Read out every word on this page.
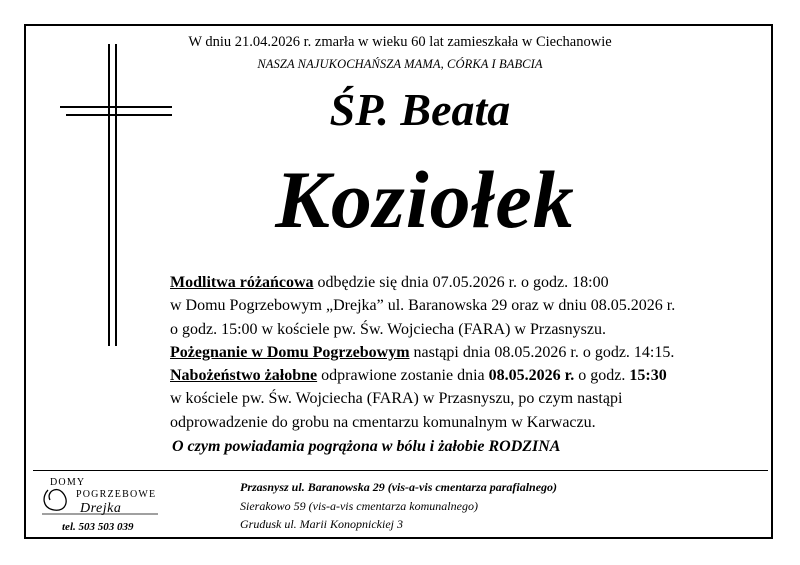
W dniu 21.04.2026 r. zmarła w wieku 60 lat zamieszkała w Ciechanowie
NASZA NAJUKOCHAŃSZA MAMA, CÓRKA I BABCIA
ŚP. Beata
Koziołek

Modlitwa różańcowa odbędzie się dnia 07.05.2026 r. o godz. 18:00

w Domu Pogrzebowym „Drejka” ul. Baranowska 29 oraz w dniu 08.05.2026 r.

o godz. 15:00 w kościele pw. Św. Wojciecha (FARA) w Przasnyszu.

Pożegnanie w Domu Pogrzebowym nastąpi dnia 08.05.2026 r. o godz. 14:15.

Nabożeństwo żałobne odprawione zostanie dnia 08.05.2026 r. o godz. 15:30

w kościele pw. Św. Wojciecha (FARA) w Przasnyszu, po czym nastąpi

odprowadzenie do grobu na cmentarzu komunalnym w Karwaczu.

O czym powiadamia pogrążona w bólu i żałobie RODZINA
DOMY
POGRZEBOWE
Drejka
tel. 503 503 039
Przasnysz ul. Baranowska 29 (vis-a-vis cmentarza parafialnego)
Sierakowo 59 (vis-a-vis cmentarza komunalnego)
Grudusk ul. Marii Konopnickiej 3
